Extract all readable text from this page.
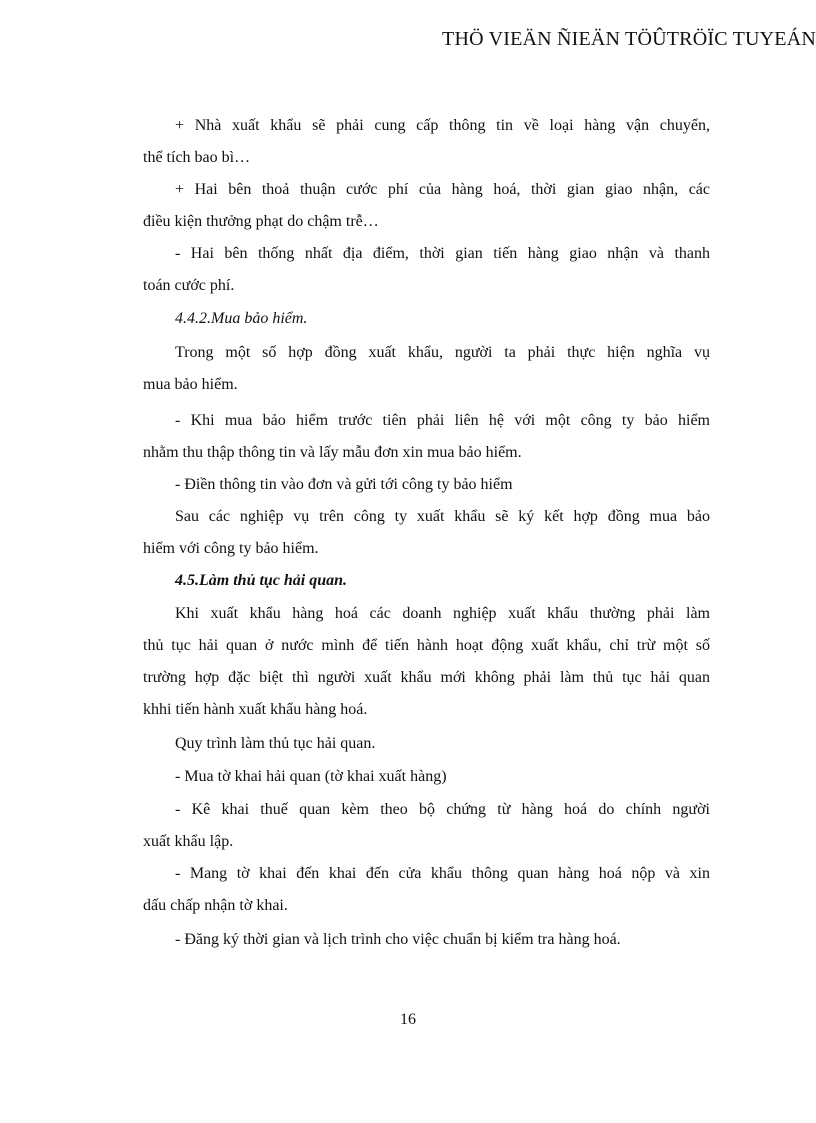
THÖ VIEÄN ÑIEÄN TÖÛTRÖÏC TUYEÁN
+ Nhà xuất khẩu sẽ phải cung cấp thông tin về loại hàng vận chuyển,
thể tích bao bì…
+ Hai bên thoả thuận cước phí của hàng hoá, thời gian giao nhận, các
điều kiện thưởng phạt do chậm trễ…
- Hai bên thống nhất địa điểm, thời gian tiến hàng giao nhận và thanh
toán cước phí.
4.4.2.Mua bảo hiểm.
Trong một số hợp đồng xuất khẩu, người ta phải thực hiện nghĩa vụ
mua bảo hiểm.
- Khi mua bảo hiểm trước tiên phải liên hệ với một công ty bảo hiểm
nhằm thu thập thông tin và lấy mẫu đơn xin mua bảo hiểm.
- Điền thông tin vào đơn và gửi tới công ty bảo hiểm
Sau các nghiệp vụ trên công ty xuất khẩu sẽ ký kết hợp đồng mua bảo
hiểm với công ty bảo hiểm.
4.5.Làm thủ tục hải quan.
Khi xuất khẩu hàng hoá các doanh nghiệp xuất khẩu thường phải làm
thủ tục hải quan ở nước mình để tiến hành hoạt động xuất khẩu, chỉ trừ một số
trường hợp đặc biệt thì người xuất khẩu mới không phải làm thủ tục hải quan
khhi tiến hành xuất khẩu hàng hoá.
Quy trình làm thủ tục hải quan.
- Mua tờ khai hải quan (tờ khai xuất hàng)
- Kê khai thuế quan kèm theo bộ chứng từ hàng hoá do chính người
xuất khẩu lập.
- Mang tờ khai đến khai đến cửa khẩu thông quan hàng hoá nộp và xin
dấu chấp nhận tờ khai.
- Đăng ký thời gian và lịch trình cho việc chuẩn bị kiểm tra hàng hoá.
16
